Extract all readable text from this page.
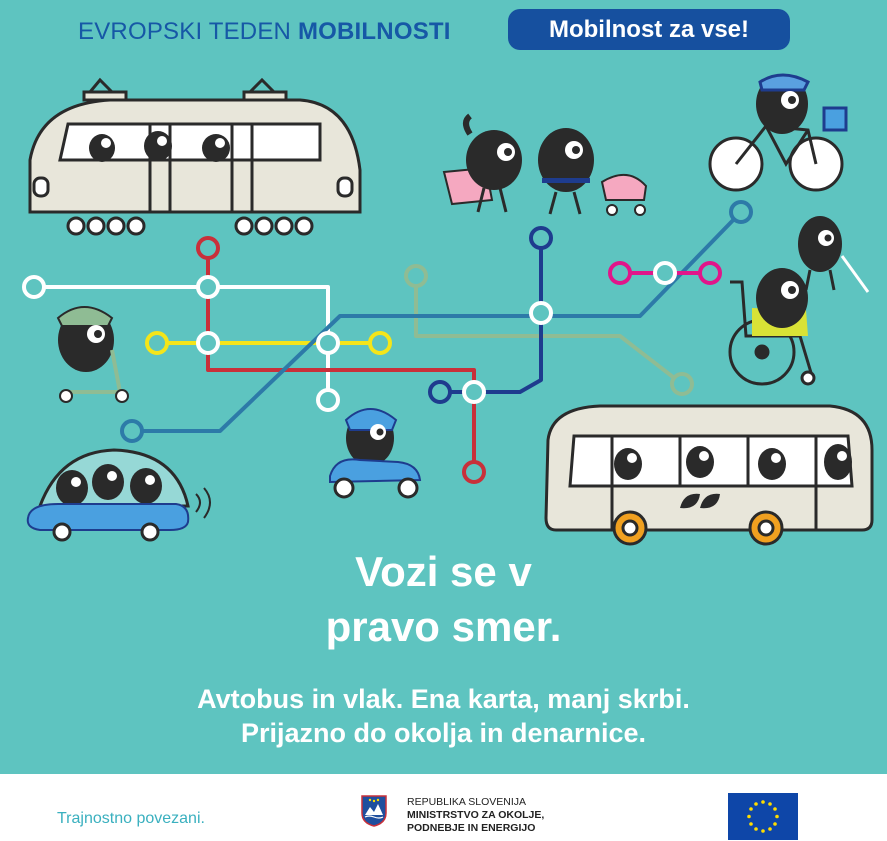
EVROPSKI TEDEN MOBILNOSTI	Mobilnost za vse!
Vozi se v
pravo smer.
Avtobus in vlak. Ena karta, manj skrbi.
Prijazno do okolja in denarnice.
Trajnostno povezani.
REPUBLIKA SLOVENIJA
MINISTRSTVO ZA OKOLJE,
PODNEBJE IN ENERGIJO
